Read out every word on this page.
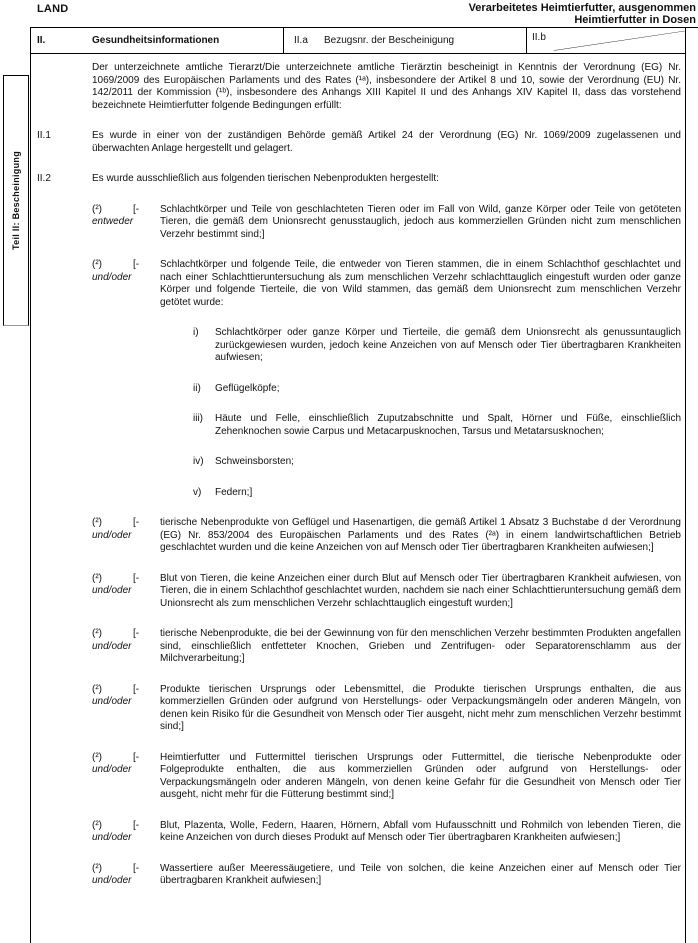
LAND	Verarbeitetes Heimtierfutter, ausgenommen
Heimtierfutter in Dosen
Teil II: Bescheinigung
II.	Gesundheitsinformationen	II.a	Bezugsnr. der Bescheinigung	II.b

Der unterzeichnete amtliche Tierarzt/Die unterzeichnete amtliche Tierärztin bescheinigt in Kenntnis der Verordnung (EG) Nr. 1069/2009 des Europäischen Parlaments und des Rates (¹ᵃ), insbesondere der Artikel 8 und 10, sowie der Verordnung (EU) Nr. 142/2011 der Kommission (¹ᵇ), insbesondere des Anhangs XIII Kapitel II und des Anhangs XIV Kapitel II, dass das vorstehend bezeichnete Heimtierfutter folgende Bedingungen erfüllt:

II.1	Es wurde in einer von der zuständigen Behörde gemäß Artikel 24 der Verordnung (EG) Nr. 1069/2009 zugelassenen und überwachten Anlage hergestellt und gelagert.
II.2	Es wurde ausschließlich aus folgenden tierischen Nebenprodukten hergestellt:
(²) entweder
[-	Schlachtkörper und Teile von geschlachteten Tieren oder im Fall von Wild, ganze Körper oder Teile von getöteten Tieren, die gemäß dem Unionsrecht genusstauglich, jedoch aus kommerziellen Gründen nicht zum menschlichen Verzehr bestimmt sind;]
(²) und/oder
[-	Schlachtkörper und folgende Teile, die entweder von Tieren stammen, die in einem Schlachthof geschlachtet und nach einer Schlachttieruntersuchung als zum menschlichen Verzehr schlachttauglich eingestuft wurden oder ganze Körper und folgende Tierteile, die von Wild stammen, das gemäß dem Unionsrecht zum menschlichen Verzehr getötet wurde:
i)	Schlachtkörper oder ganze Körper und Tierteile, die gemäß dem Unionsrecht als genussuntauglich zurückgewiesen wurden, jedoch keine Anzeichen von auf Mensch oder Tier übertragbaren Krankheiten aufwiesen;
ii)	Geflügelköpfe;
iii)	Häute und Felle, einschließlich Zuputzabschnitte und Spalt, Hörner und Füße, einschließlich Zehenknochen sowie Carpus und Metacarpusknochen, Tarsus und Metatarsusknochen;
iv)	Schweinsborsten;
v)	Federn;]
(²) und/oder
[-	tierische Nebenprodukte von Geflügel und Hasenartigen, die gemäß Artikel 1 Absatz 3 Buchstabe d der Verordnung (EG) Nr. 853/2004 des Europäischen Parlaments und des Rates (²ᵃ) in einem landwirtschaftlichen Betrieb geschlachtet wurden und die keine Anzeichen von auf Mensch oder Tier übertragbaren Krankheiten aufwiesen;]
(²) und/oder
[-	Blut von Tieren, die keine Anzeichen einer durch Blut auf Mensch oder Tier übertragbaren Krankheit aufwiesen, von Tieren, die in einem Schlachthof geschlachtet wurden, nachdem sie nach einer Schlachttieruntersuchung gemäß dem Unionsrecht als zum menschlichen Verzehr schlachttauglich eingestuft wurden;]
(²) und/oder
[-	tierische Nebenprodukte, die bei der Gewinnung von für den menschlichen Verzehr bestimmten Produkten angefallen sind, einschließlich entfetteter Knochen, Grieben und Zentrifugen- oder Separatorenschlamm aus der Milchverarbeitung;]
(²) und/oder
[-	Produkte tierischen Ursprungs oder Lebensmittel, die Produkte tierischen Ursprungs enthalten, die aus kommerziellen Gründen oder aufgrund von Herstellungs- oder Verpackungsmängeln oder anderen Mängeln, von denen kein Risiko für die Gesundheit von Mensch oder Tier ausgeht, nicht mehr zum menschlichen Verzehr bestimmt sind;]
(²) und/oder
[-	Heimtierfutter und Futtermittel tierischen Ursprungs oder Futtermittel, die tierische Nebenprodukte oder Folgeprodukte enthalten, die aus kommerziellen Gründen oder aufgrund von Herstellungs- oder Verpackungsmängeln oder anderen Mängeln, von denen keine Gefahr für die Gesundheit von Mensch oder Tier ausgeht, nicht mehr für die Fütterung bestimmt sind;]
(²) und/oder
[-	Blut, Plazenta, Wolle, Federn, Haaren, Hörnern, Abfall vom Hufausschnitt und Rohmilch von lebenden Tieren, die keine Anzeichen von durch dieses Produkt auf Mensch oder Tier übertragbaren Krankheiten aufwiesen;]
(²) und/oder
[-	Wassertiere außer Meeressäugetiere, und Teile von solchen, die keine Anzeichen einer auf Mensch oder Tier übertragbaren Krankheit aufwiesen;]
